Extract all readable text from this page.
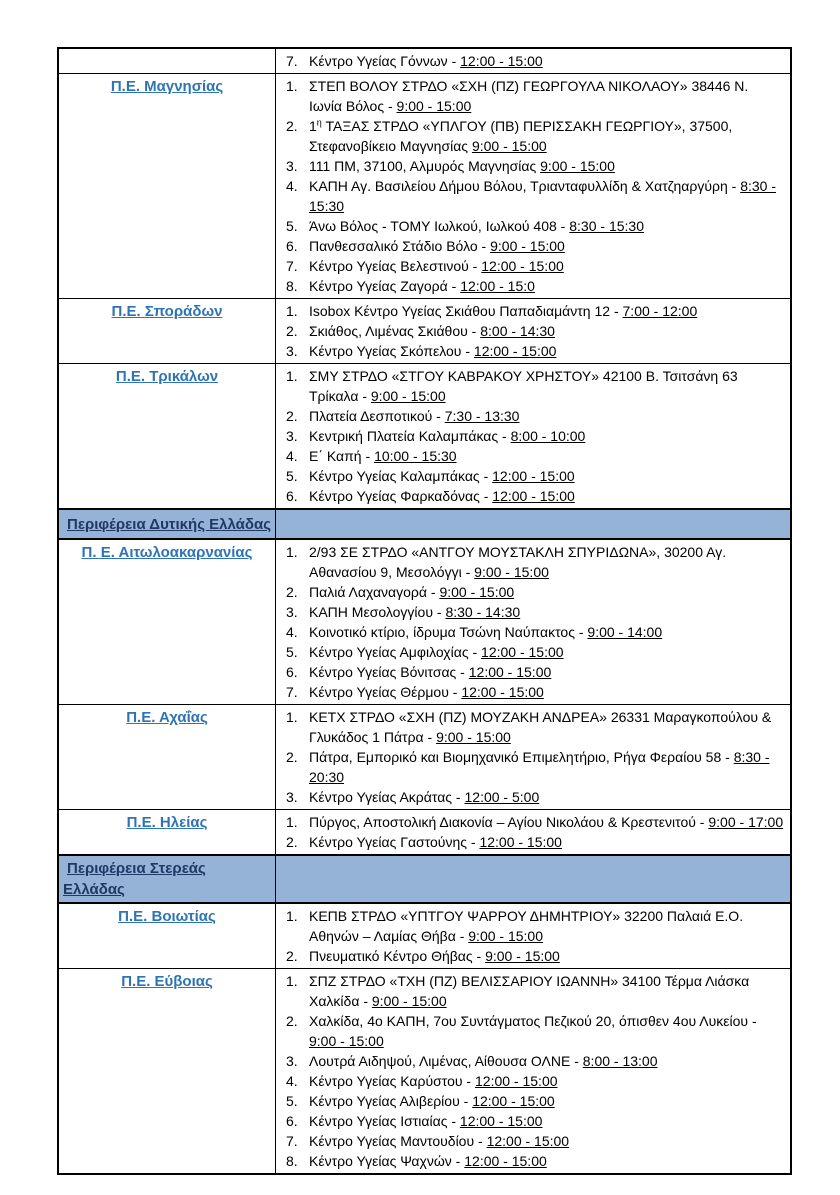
	7. Κέντρο Υγείας Γόννων - 12:00 - 15:00

Π.Ε. Μαγνησίας	1. ΣΤΕΠ ΒΟΛΟΥ ΣΤΡΔΟ «ΣΧΗ (ΠΖ) ΓΕΩΡΓΟΥΛΑ ΝΙΚΟΛΑΟΥ» 38446 Ν. Ιωνία Βόλος - 9:00 - 15:00
2. $1^\eta$ ΤΑΞΑΣ ΣΤΡΔΟ «ΥΠΛΓΟΥ (ΠΒ) ΠΕΡΙΣΣΑΚΗ ΓΕΩΡΓΙΟΥ», 37500, Στεφανοβίκειο Μαγνησίας 9:00 - 15:00
3. 111 ΠΜ, 37100, Αλμυρός Μαγνησίας 9:00 - 15:00
4. ΚΑΠΗ Αγ. Βασιλείου Δήμου Βόλου, Τριανταφυλλίδη & Χατζηαργύρη - 8:30 - 15:30
5. Άνω Βόλος - ΤΟΜΥ Ιωλκού, Ιωλκού 408 - 8:30 - 15:30
6. Πανθεσσαλικό Στάδιο Βόλο - 9:00 - 15:00
7. Κέντρο Υγείας Βελεστινού - 12:00 - 15:00
8. Κέντρο Υγείας Ζαγορά - 12:00 - 15:0

Π.Ε. Σποράδων	1. Isobox Κέντρο Υγείας Σκιάθου Παπαδιαμάντη 12 - 7:00 - 12:00
2. Σκιάθος, Λιμένας Σκιάθου - 8:00 - 14:30
3. Κέντρο Υγείας Σκόπελου - 12:00 - 15:00

Π.Ε. Τρικάλων	1. ΣΜΥ ΣΤΡΔΟ «ΣΤΓΟΥ ΚΑΒΡΑΚΟΥ ΧΡΗΣΤΟΥ» 42100 Β. Τσιτσάνη 63 Τρίκαλα - 9:00 - 15:00
2. Πλατεία Δεσποτικού - 7:30 - 13:30
3. Κεντρική Πλατεία Καλαμπάκας - 8:00 - 10:00
4. Ε΄ Καπή - 10:00 - 15:30
5. Κέντρο Υγείας Καλαμπάκας - 12:00 - 15:00
6. Κέντρο Υγείας Φαρκαδόνας - 12:00 - 15:00

Περιφέρεια Δυτικής Ελλάδας	
Π. Ε. Αιτωλοακαρνανίας	1. 2/93 ΣΕ ΣΤΡΔΟ «ΑΝΤΓΟΥ ΜΟΥΣΤΑΚΛΗ ΣΠΥΡΙΔΩΝΑ», 30200 Αγ. Αθανασίου 9, Μεσολόγγι - 9:00 - 15:00
2. Παλιά Λαχαναγορά - 9:00 - 15:00
3. ΚΑΠΗ Μεσολογγίου - 8:30 - 14:30
4. Κοινοτικό κτίριο, ίδρυμα Τσώνη Ναύπακτος - 9:00 - 14:00
5. Κέντρο Υγείας Αμφιλοχίας - 12:00 - 15:00
6. Κέντρο Υγείας Βόνιτσας - 12:00 - 15:00
7. Κέντρο Υγείας Θέρμου - 12:00 - 15:00

Π.Ε. Αχαΐας	1. ΚΕΤΧ ΣΤΡΔΟ «ΣΧΗ (ΠΖ) ΜΟΥΖΑΚΗ ΑΝΔΡΕΑ» 26331 Μαραγκοπούλου & Γλυκάδος 1 Πάτρα - 9:00 - 15:00
2. Πάτρα, Εμπορικό και Βιομηχανικό Επιμελητήριο, Ρήγα Φεραίου 58 - 8:30 - 20:30
3. Κέντρο Υγείας Ακράτας - 12:00 - 5:00

Π.Ε. Ηλείας	1. Πύργος, Αποστολική Διακονία – Αγίου Νικολάου & Κρεστενιτού - 9:00 - 17:00
2. Κέντρο Υγείας Γαστούνης - 12:00 - 15:00

Περιφέρεια Στερεάς Ελλάδας	
Π.Ε. Βοιωτίας	1. ΚΕΠΒ ΣΤΡΔΟ «ΥΠΤΓΟΥ ΨΑΡΡΟΥ ΔΗΜΗΤΡΙΟΥ» 32200 Παλαιά Ε.Ο. Αθηνών – Λαμίας Θήβα - 9:00 - 15:00
2. Πνευματικό Κέντρο Θήβας - 9:00 - 15:00

Π.Ε. Εύβοιας	1. ΣΠΖ ΣΤΡΔΟ «ΤΧΗ (ΠΖ) ΒΕΛΙΣΣΑΡΙΟΥ ΙΩΑΝΝΗ» 34100 Τέρμα Λιάσκα Χαλκίδα - 9:00 - 15:00
2. Χαλκίδα, 4ο ΚΑΠΗ, 7ου Συντάγματος Πεζικού 20, όπισθεν 4ου Λυκείου - 9:00 - 15:00
3. Λουτρά Αιδηψού, Λιμένας, Αίθουσα ΟΛΝΕ - 8:00 - 13:00
4. Κέντρο Υγείας Καρύστου - 12:00 - 15:00
5. Κέντρο Υγείας Αλιβερίου - 12:00 - 15:00
6. Κέντρο Υγείας Ιστιαίας - 12:00 - 15:00
7. Κέντρο Υγείας Μαντουδίου - 12:00 - 15:00
8. Κέντρο Υγείας Ψαχνών - 12:00 - 15:00
